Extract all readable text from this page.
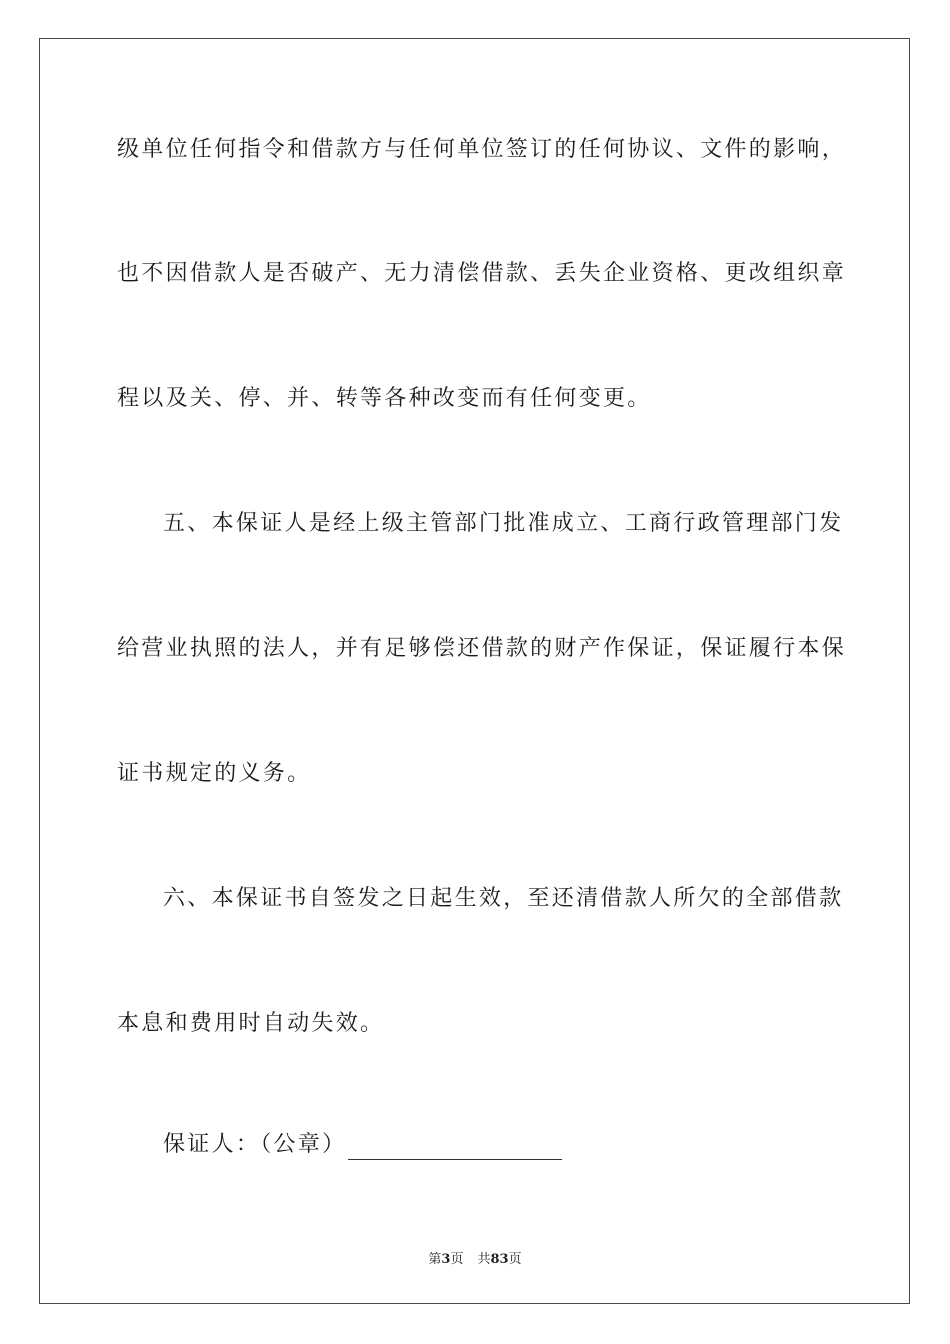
级单位任何指令和借款方与任何单位签订的任何协议、文件的影响，
也不因借款人是否破产、无力清偿借款、丢失企业资格、更改组织章
程以及关、停、并、转等各种改变而有任何变更。
五、本保证人是经上级主管部门批准成立、工商行政管理部门发
给营业执照的法人，并有足够偿还借款的财产作保证，保证履行本保
证书规定的义务。
六、本保证书自签发之日起生效，至还清借款人所欠的全部借款
本息和费用时自动失效。
保证人：（公章）
第3页 共83页
